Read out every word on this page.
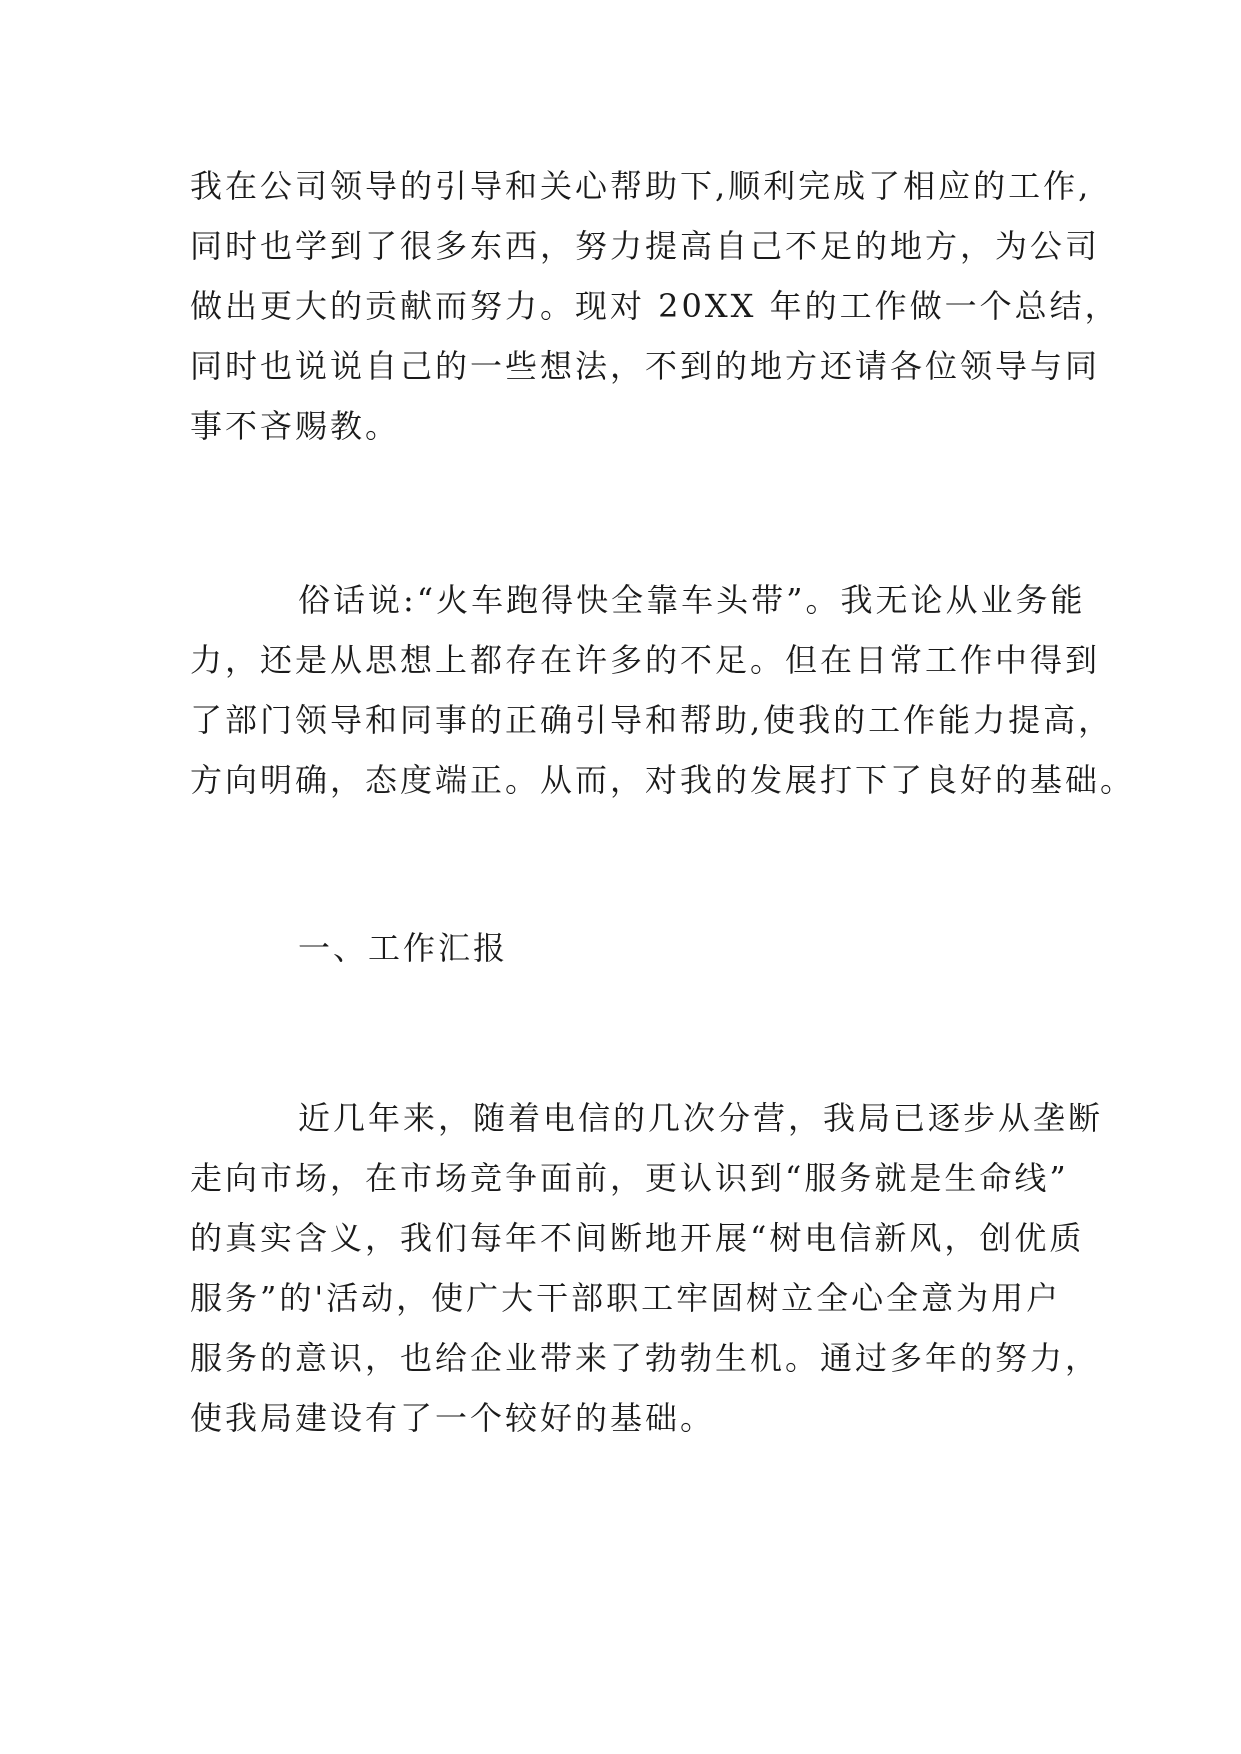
我在公司领导的引导和关心帮助下,顺利完成了相应的工作,
同时也学到了很多东西，努力提高自己不足的地方，为公司
做出更大的贡献而努力。现对 20XX 年的工作做一个总结，
同时也说说自己的一些想法，不到的地方还请各位领导与同
事不吝赐教。
俗话说:“火车跑得快全靠车头带”。我无论从业务能
力，还是从思想上都存在许多的不足。但在日常工作中得到
了部门领导和同事的正确引导和帮助,使我的工作能力提高，
方向明确，态度端正。从而，对我的发展打下了良好的基础。
一、工作汇报
近几年来，随着电信的几次分营，我局已逐步从垄断
走向市场，在市场竞争面前，更认识到“服务就是生命线”
的真实含义，我们每年不间断地开展“树电信新风，创优质
服务”的'活动，使广大干部职工牢固树立全心全意为用户
服务的意识，也给企业带来了勃勃生机。通过多年的努力，
使我局建设有了一个较好的基础。
